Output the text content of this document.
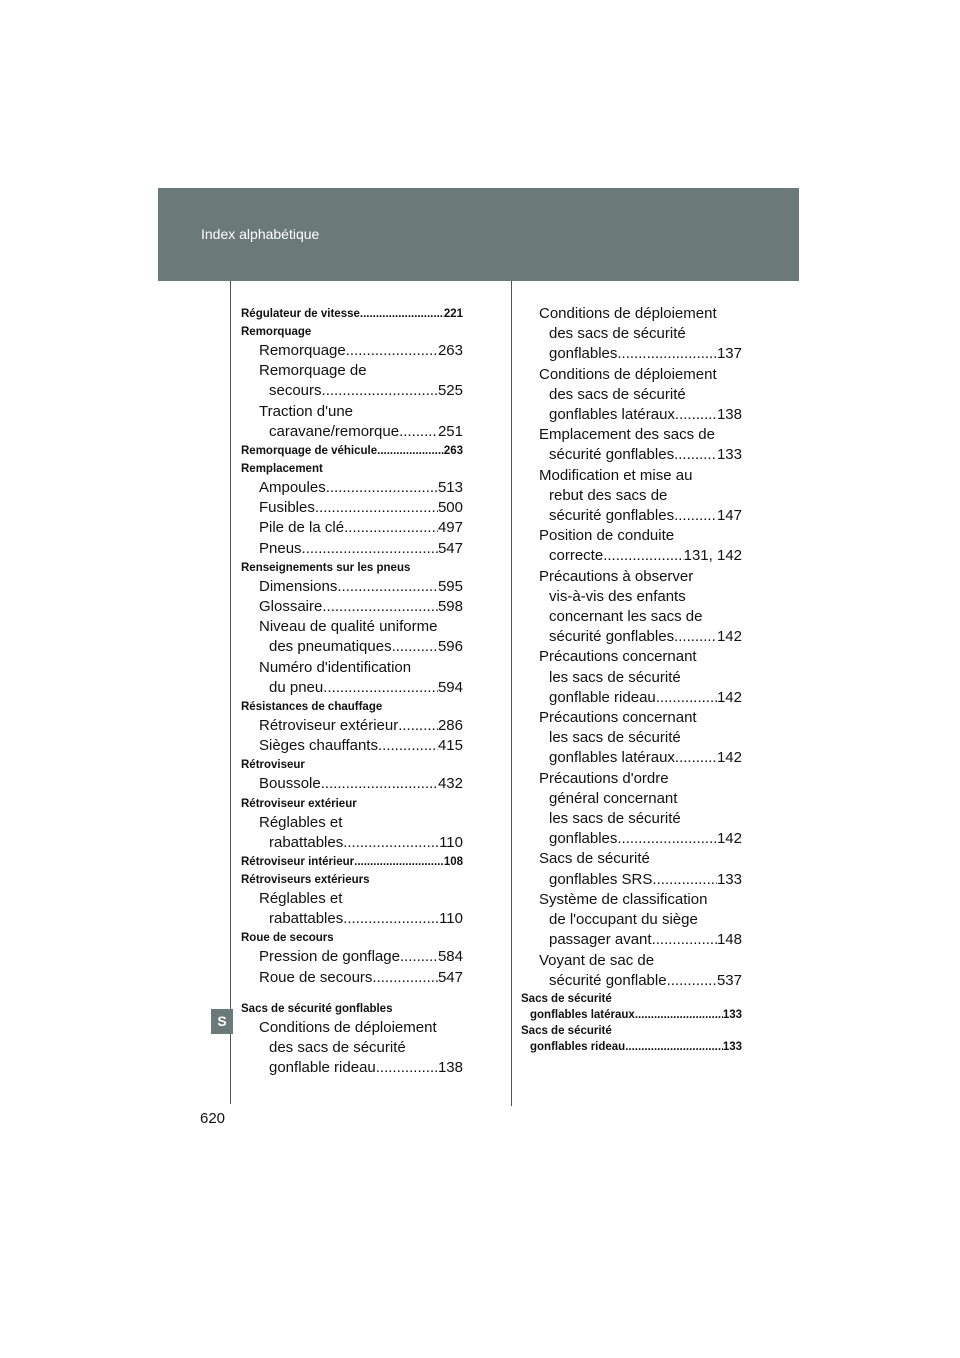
Index alphabétique
S
620
Régulateur de vitesse .....	221
Remorquage
Remorquage .....	263
Remorquage de
secours .....	525
Traction d'une
caravane/remorque .....	251
Remorquage de véhicule .....	263
Remplacement
Ampoules .....	513
Fusibles .....	500
Pile de la clé .....	497
Pneus .....	547
Renseignements sur les pneus
Dimensions .....	595
Glossaire .....	598
Niveau de qualité uniforme
des pneumatiques .....	596
Numéro d'identification
du pneu .....	594
Résistances de chauffage
Rétroviseur extérieur .....	286
Sièges chauffants .....	415
Rétroviseur
Boussole .....	432
Rétroviseur extérieur
Réglables et
rabattables .....	110
Rétroviseur intérieur .....	108
Rétroviseurs extérieurs
Réglables et
rabattables .....	110
Roue de secours
Pression de gonflage .....	584
Roue de secours .....	547
Sacs de sécurité gonflables
Conditions de déploiement
des sacs de sécurité
gonflable rideau .....	138
Conditions de déploiement
des sacs de sécurité
gonflables .....	137
Conditions de déploiement
des sacs de sécurité
gonflables latéraux .....	138
Emplacement des sacs de
sécurité gonflables .....	133
Modification et mise au
rebut des sacs de
sécurité gonflables .....	147
Position de conduite
correcte .....	131, 142
Précautions à observer
vis-à-vis des enfants
concernant les sacs de
sécurité gonflables .....	142
Précautions concernant
les sacs de sécurité
gonflable rideau .....	142
Précautions concernant
les sacs de sécurité
gonflables latéraux .....	142
Précautions d'ordre
général concernant
les sacs de sécurité
gonflables .....	142
Sacs de sécurité
gonflables SRS .....	133
Système de classification
de l'occupant du siège
passager avant .....	148
Voyant de sac de
sécurité gonflable .....	537
Sacs de sécurité
gonflables latéraux .....	133
Sacs de sécurité
gonflables rideau .....	133
